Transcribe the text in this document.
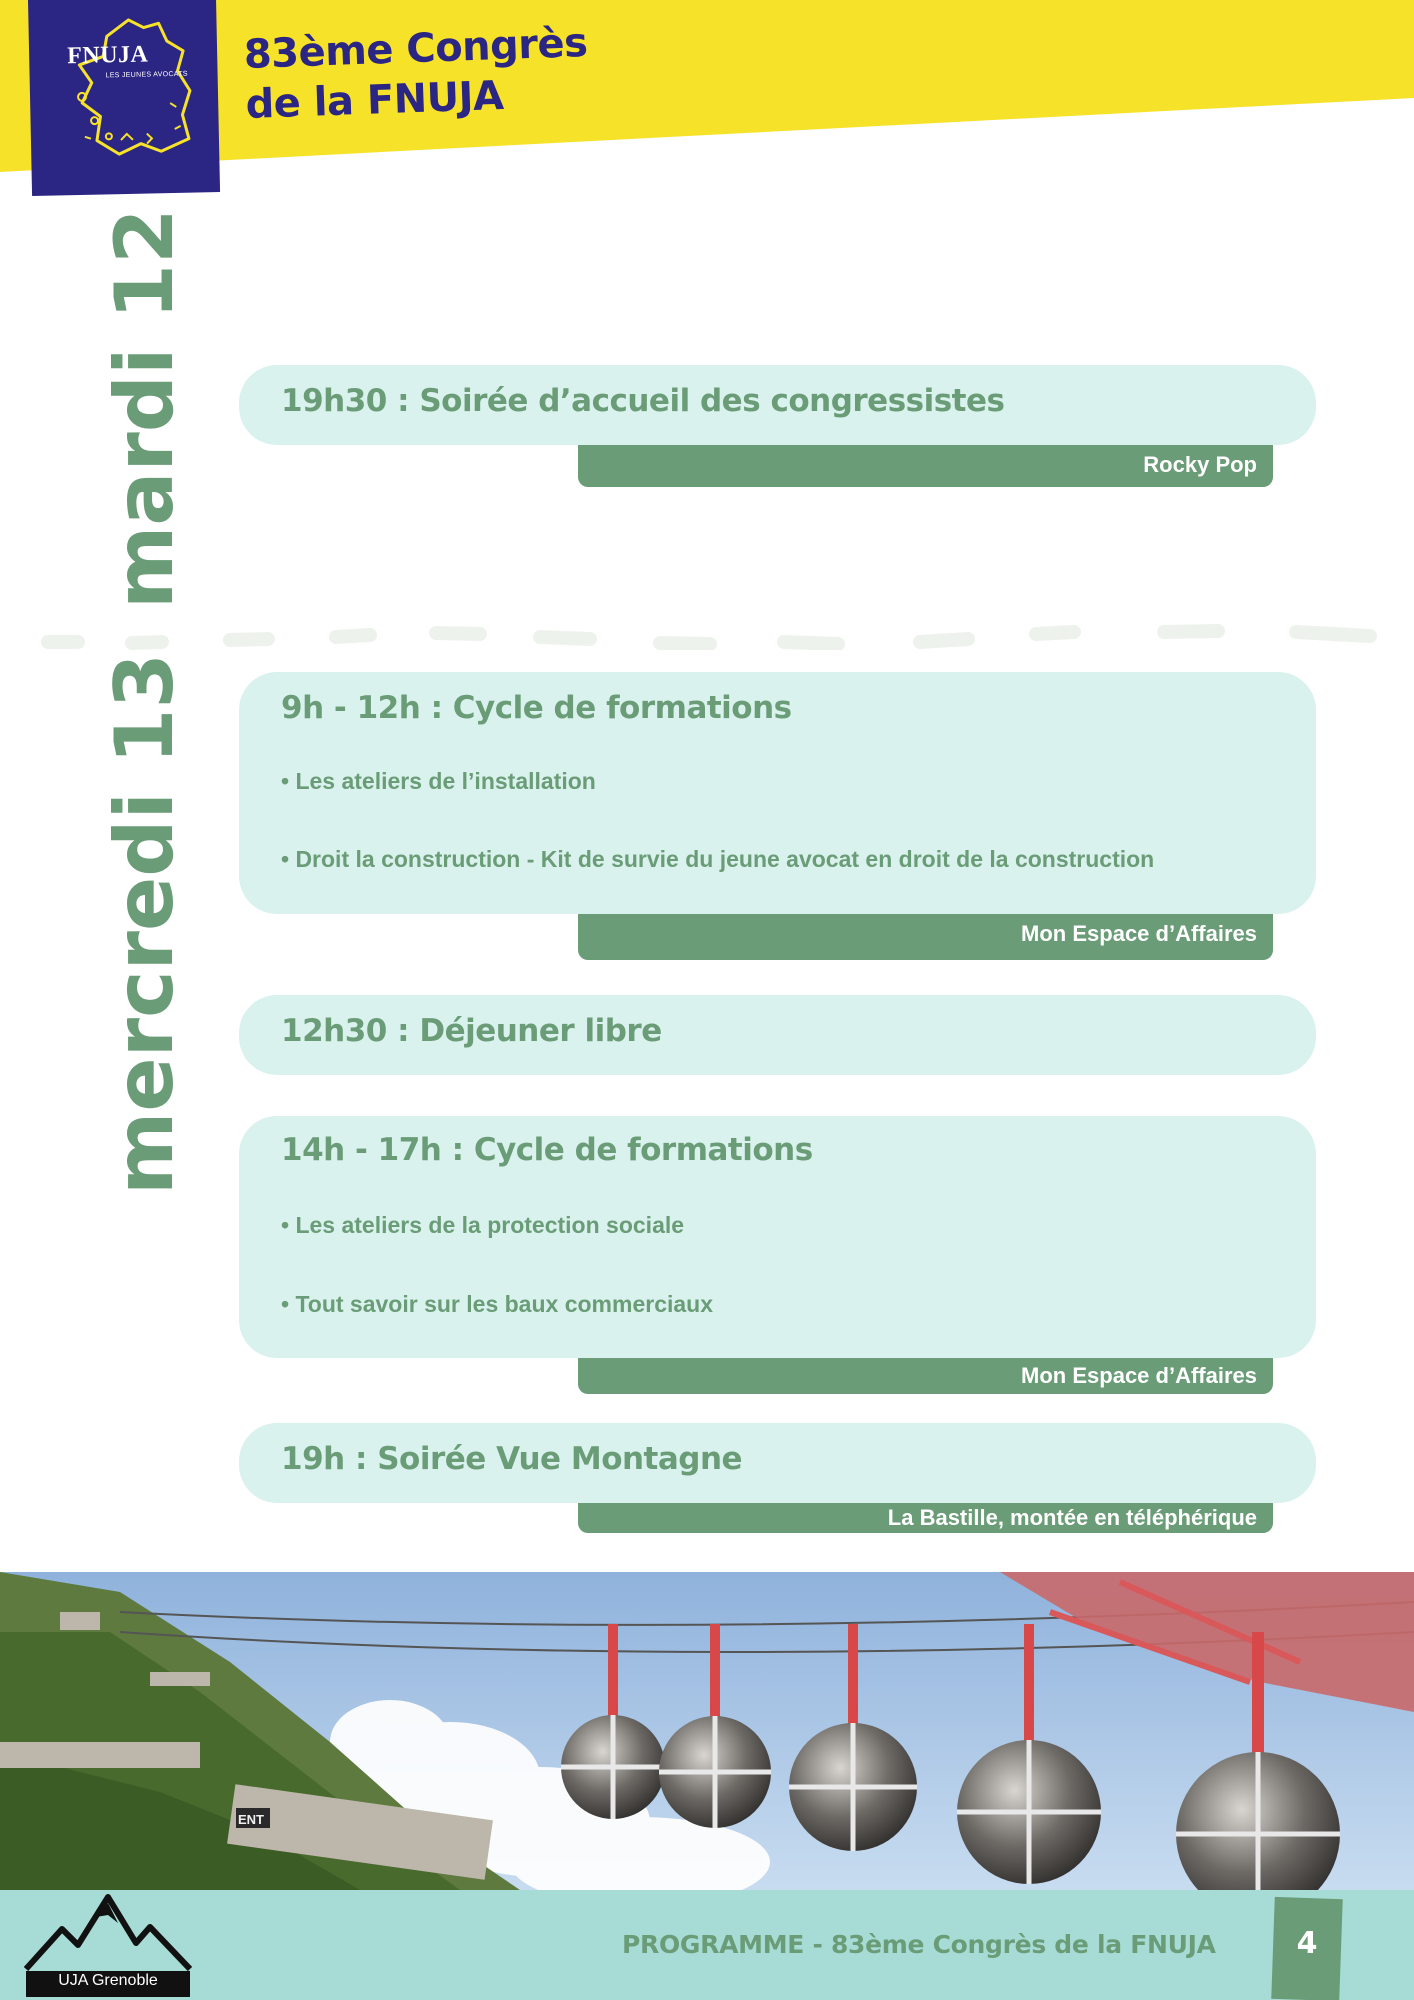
FNUJA
LES JEUNES AVOCATS 83ème Congrès
de la FNUJA
mardi 12
mercredi 13
19h30 : Soirée d’accueil des congressistes
Rocky Pop
9h - 12h : Cycle de formations
• Les ateliers de l’installation
• Droit la construction - Kit de survie du jeune avocat en droit de la construction
Mon Espace d’Affaires
12h30 : Déjeuner libre
14h - 17h : Cycle de formations
• Les ateliers de la protection sociale
• Tout savoir sur les baux commerciaux
Mon Espace d’Affaires
19h : Soirée Vue Montagne
La Bastille, montée en téléphérique
ENT
UJA Grenoble
PROGRAMME - 83ème Congrès de la FNUJA	4
